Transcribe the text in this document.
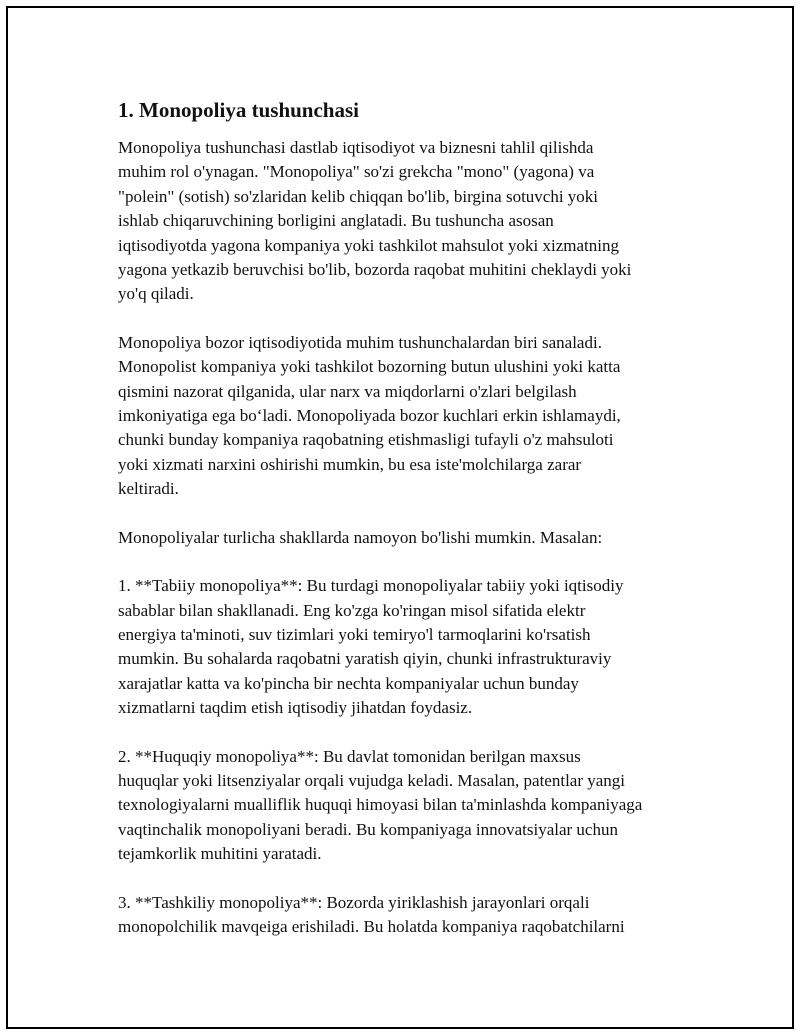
1. Monopoliya tushunchasi

Monopoliya tushunchasi dastlab iqtisodiyot va biznesni tahlil qilishda
muhim rol o'ynagan. "Monopoliya" so'zi grekcha "mono" (yagona) va
"polein" (sotish) so'zlaridan kelib chiqqan bo'lib, birgina sotuvchi yoki
ishlab chiqaruvchining borligini anglatadi. Bu tushuncha asosan
iqtisodiyotda yagona kompaniya yoki tashkilot mahsulot yoki xizmatning
yagona yetkazib beruvchisi bo'lib, bozorda raqobat muhitini cheklaydi yoki
yo'q qiladi.

Monopoliya bozor iqtisodiyotida muhim tushunchalardan biri sanaladi.
Monopolist kompaniya yoki tashkilot bozorning butun ulushini yoki katta
qismini nazorat qilganida, ular narx va miqdorlarni o'zlari belgilash
imkoniyatiga ega bo‘ladi. Monopoliyada bozor kuchlari erkin ishlamaydi,
chunki bunday kompaniya raqobatning etishmasligi tufayli o'z mahsuloti
yoki xizmati narxini oshirishi mumkin, bu esa iste'molchilarga zarar
keltiradi.

Monopoliyalar turlicha shakllarda namoyon bo'lishi mumkin. Masalan:

1. **Tabiiy monopoliya**: Bu turdagi monopoliyalar tabiiy yoki iqtisodiy
sabablar bilan shakllanadi. Eng ko'zga ko'ringan misol sifatida elektr
energiya ta'minoti, suv tizimlari yoki temiryo'l tarmoqlarini ko'rsatish
mumkin. Bu sohalarda raqobatni yaratish qiyin, chunki infrastrukturaviy
xarajatlar katta va ko'pincha bir nechta kompaniyalar uchun bunday
xizmatlarni taqdim etish iqtisodiy jihatdan foydasiz.

2. **Huquqiy monopoliya**: Bu davlat tomonidan berilgan maxsus
huquqlar yoki litsenziyalar orqali vujudga keladi. Masalan, patentlar yangi
texnologiyalarni mualliflik huquqi himoyasi bilan ta'minlashda kompaniyaga
vaqtinchalik monopoliyani beradi. Bu kompaniyaga innovatsiyalar uchun
tejamkorlik muhitini yaratadi.

3. **Tashkiliy monopoliya**: Bozorda yiriklashish jarayonlari orqali
monopolchilik mavqeiga erishiladi. Bu holatda kompaniya raqobatchilarni
